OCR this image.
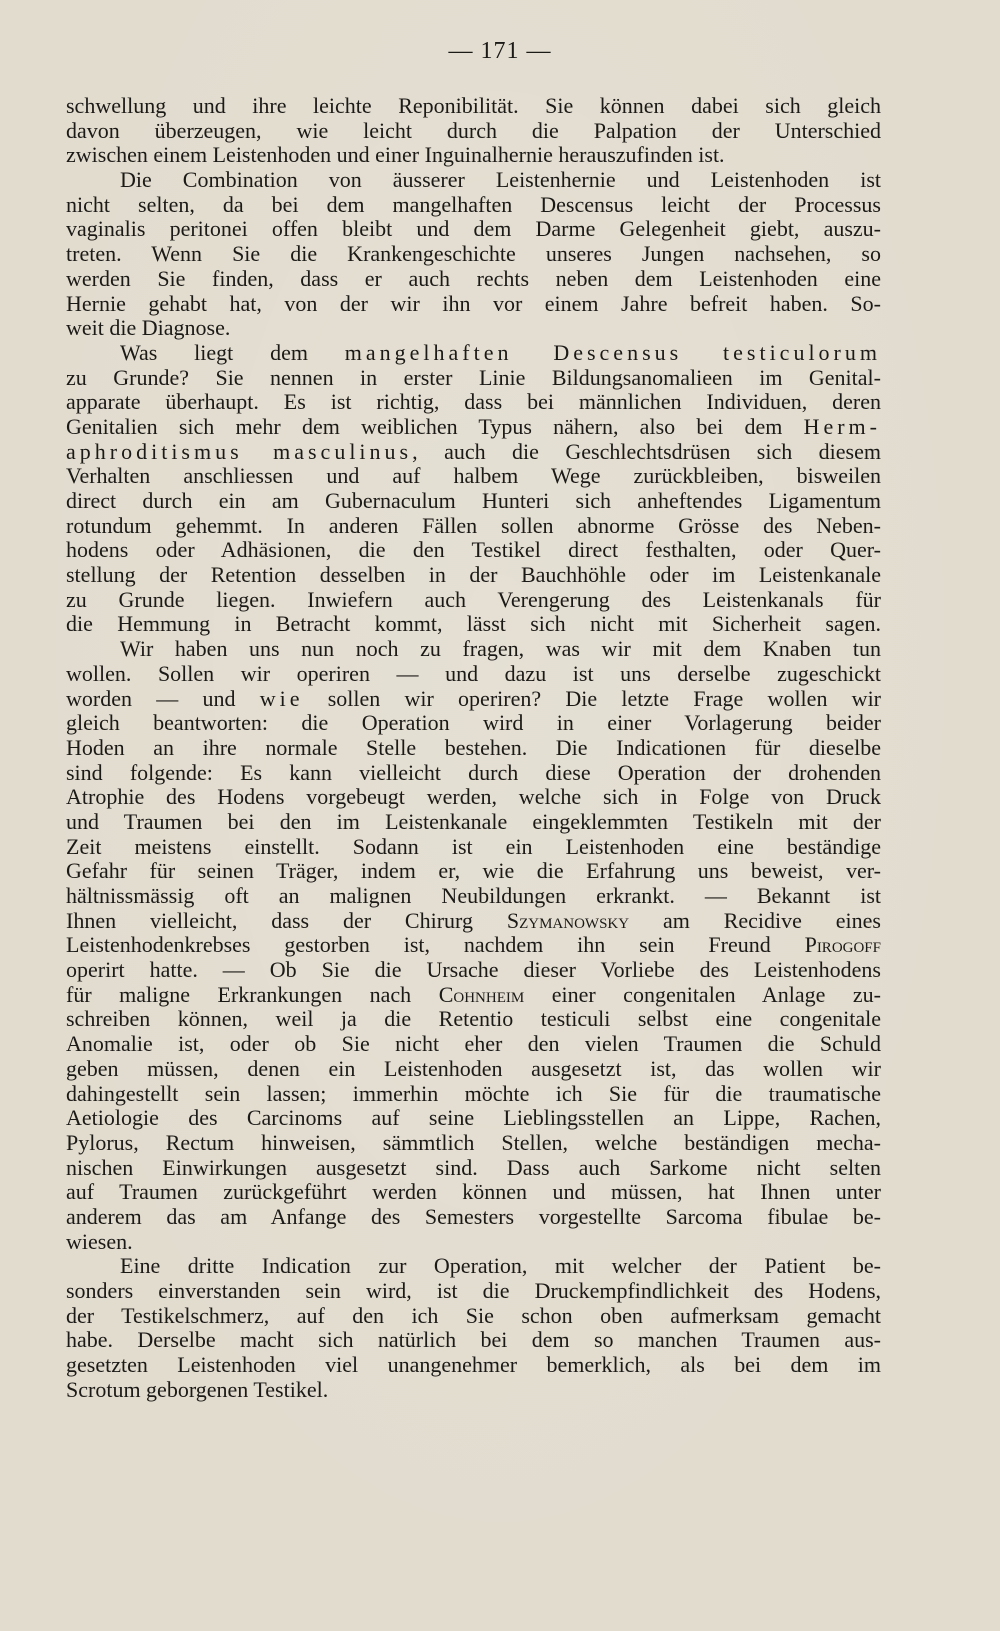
— 171 —
schwellung und ihre leichte Reponibilität. Sie können dabei sich gleich
davon überzeugen, wie leicht durch die Palpation der Unterschied
zwischen einem Leistenhoden und einer Inguinalhernie herauszufinden ist.
Die Combination von äusserer Leistenhernie und Leistenhoden ist
nicht selten, da bei dem mangelhaften Descensus leicht der Processus
vaginalis peritonei offen bleibt und dem Darme Gelegenheit giebt, auszu-
treten. Wenn Sie die Krankengeschichte unseres Jungen nachsehen, so
werden Sie finden, dass er auch rechts neben dem Leistenhoden eine
Hernie gehabt hat, von der wir ihn vor einem Jahre befreit haben. So-
weit die Diagnose.
Was liegt dem mangelhaften Descensus testiculorum
zu Grunde? Sie nennen in erster Linie Bildungsanomalieen im Genital-
apparate überhaupt. Es ist richtig, dass bei männlichen Individuen, deren
Genitalien sich mehr dem weiblichen Typus nähern, also bei dem Herm-
aphroditismus masculinus, auch die Geschlechtsdrüsen sich diesem
Verhalten anschliessen und auf halbem Wege zurückbleiben, bisweilen
direct durch ein am Gubernaculum Hunteri sich anheftendes Ligamentum
rotundum gehemmt. In anderen Fällen sollen abnorme Grösse des Neben-
hodens oder Adhäsionen, die den Testikel direct festhalten, oder Quer-
stellung der Retention desselben in der Bauchhöhle oder im Leistenkanale
zu Grunde liegen. Inwiefern auch Verengerung des Leistenkanals für
die Hemmung in Betracht kommt, lässt sich nicht mit Sicherheit sagen.
Wir haben uns nun noch zu fragen, was wir mit dem Knaben tun
wollen. Sollen wir operiren — und dazu ist uns derselbe zugeschickt
worden — und wie sollen wir operiren? Die letzte Frage wollen wir
gleich beantworten: die Operation wird in einer Vorlagerung beider
Hoden an ihre normale Stelle bestehen. Die Indicationen für dieselbe
sind folgende: Es kann vielleicht durch diese Operation der drohenden
Atrophie des Hodens vorgebeugt werden, welche sich in Folge von Druck
und Traumen bei den im Leistenkanale eingeklemmten Testikeln mit der
Zeit meistens einstellt. Sodann ist ein Leistenhoden eine beständige
Gefahr für seinen Träger, indem er, wie die Erfahrung uns beweist, ver-
hältnissmässig oft an malignen Neubildungen erkrankt. — Bekannt ist
Ihnen vielleicht, dass der Chirurg Szymanowsky am Recidive eines
Leistenhodenkrebses gestorben ist, nachdem ihn sein Freund Pirogoff
operirt hatte. — Ob Sie die Ursache dieser Vorliebe des Leistenhodens
für maligne Erkrankungen nach Cohnheim einer congenitalen Anlage zu-
schreiben können, weil ja die Retentio testiculi selbst eine congenitale
Anomalie ist, oder ob Sie nicht eher den vielen Traumen die Schuld
geben müssen, denen ein Leistenhoden ausgesetzt ist, das wollen wir
dahingestellt sein lassen; immerhin möchte ich Sie für die traumatische
Aetiologie des Carcinoms auf seine Lieblingsstellen an Lippe, Rachen,
Pylorus, Rectum hinweisen, sämmtlich Stellen, welche beständigen mecha-
nischen Einwirkungen ausgesetzt sind. Dass auch Sarkome nicht selten
auf Traumen zurückgeführt werden können und müssen, hat Ihnen unter
anderem das am Anfange des Semesters vorgestellte Sarcoma fibulae be-
wiesen.
Eine dritte Indication zur Operation, mit welcher der Patient be-
sonders einverstanden sein wird, ist die Druckempfindlichkeit des Hodens,
der Testikelschmerz, auf den ich Sie schon oben aufmerksam gemacht
habe. Derselbe macht sich natürlich bei dem so manchen Traumen aus-
gesetzten Leistenhoden viel unangenehmer bemerklich, als bei dem im
Scrotum geborgenen Testikel.
